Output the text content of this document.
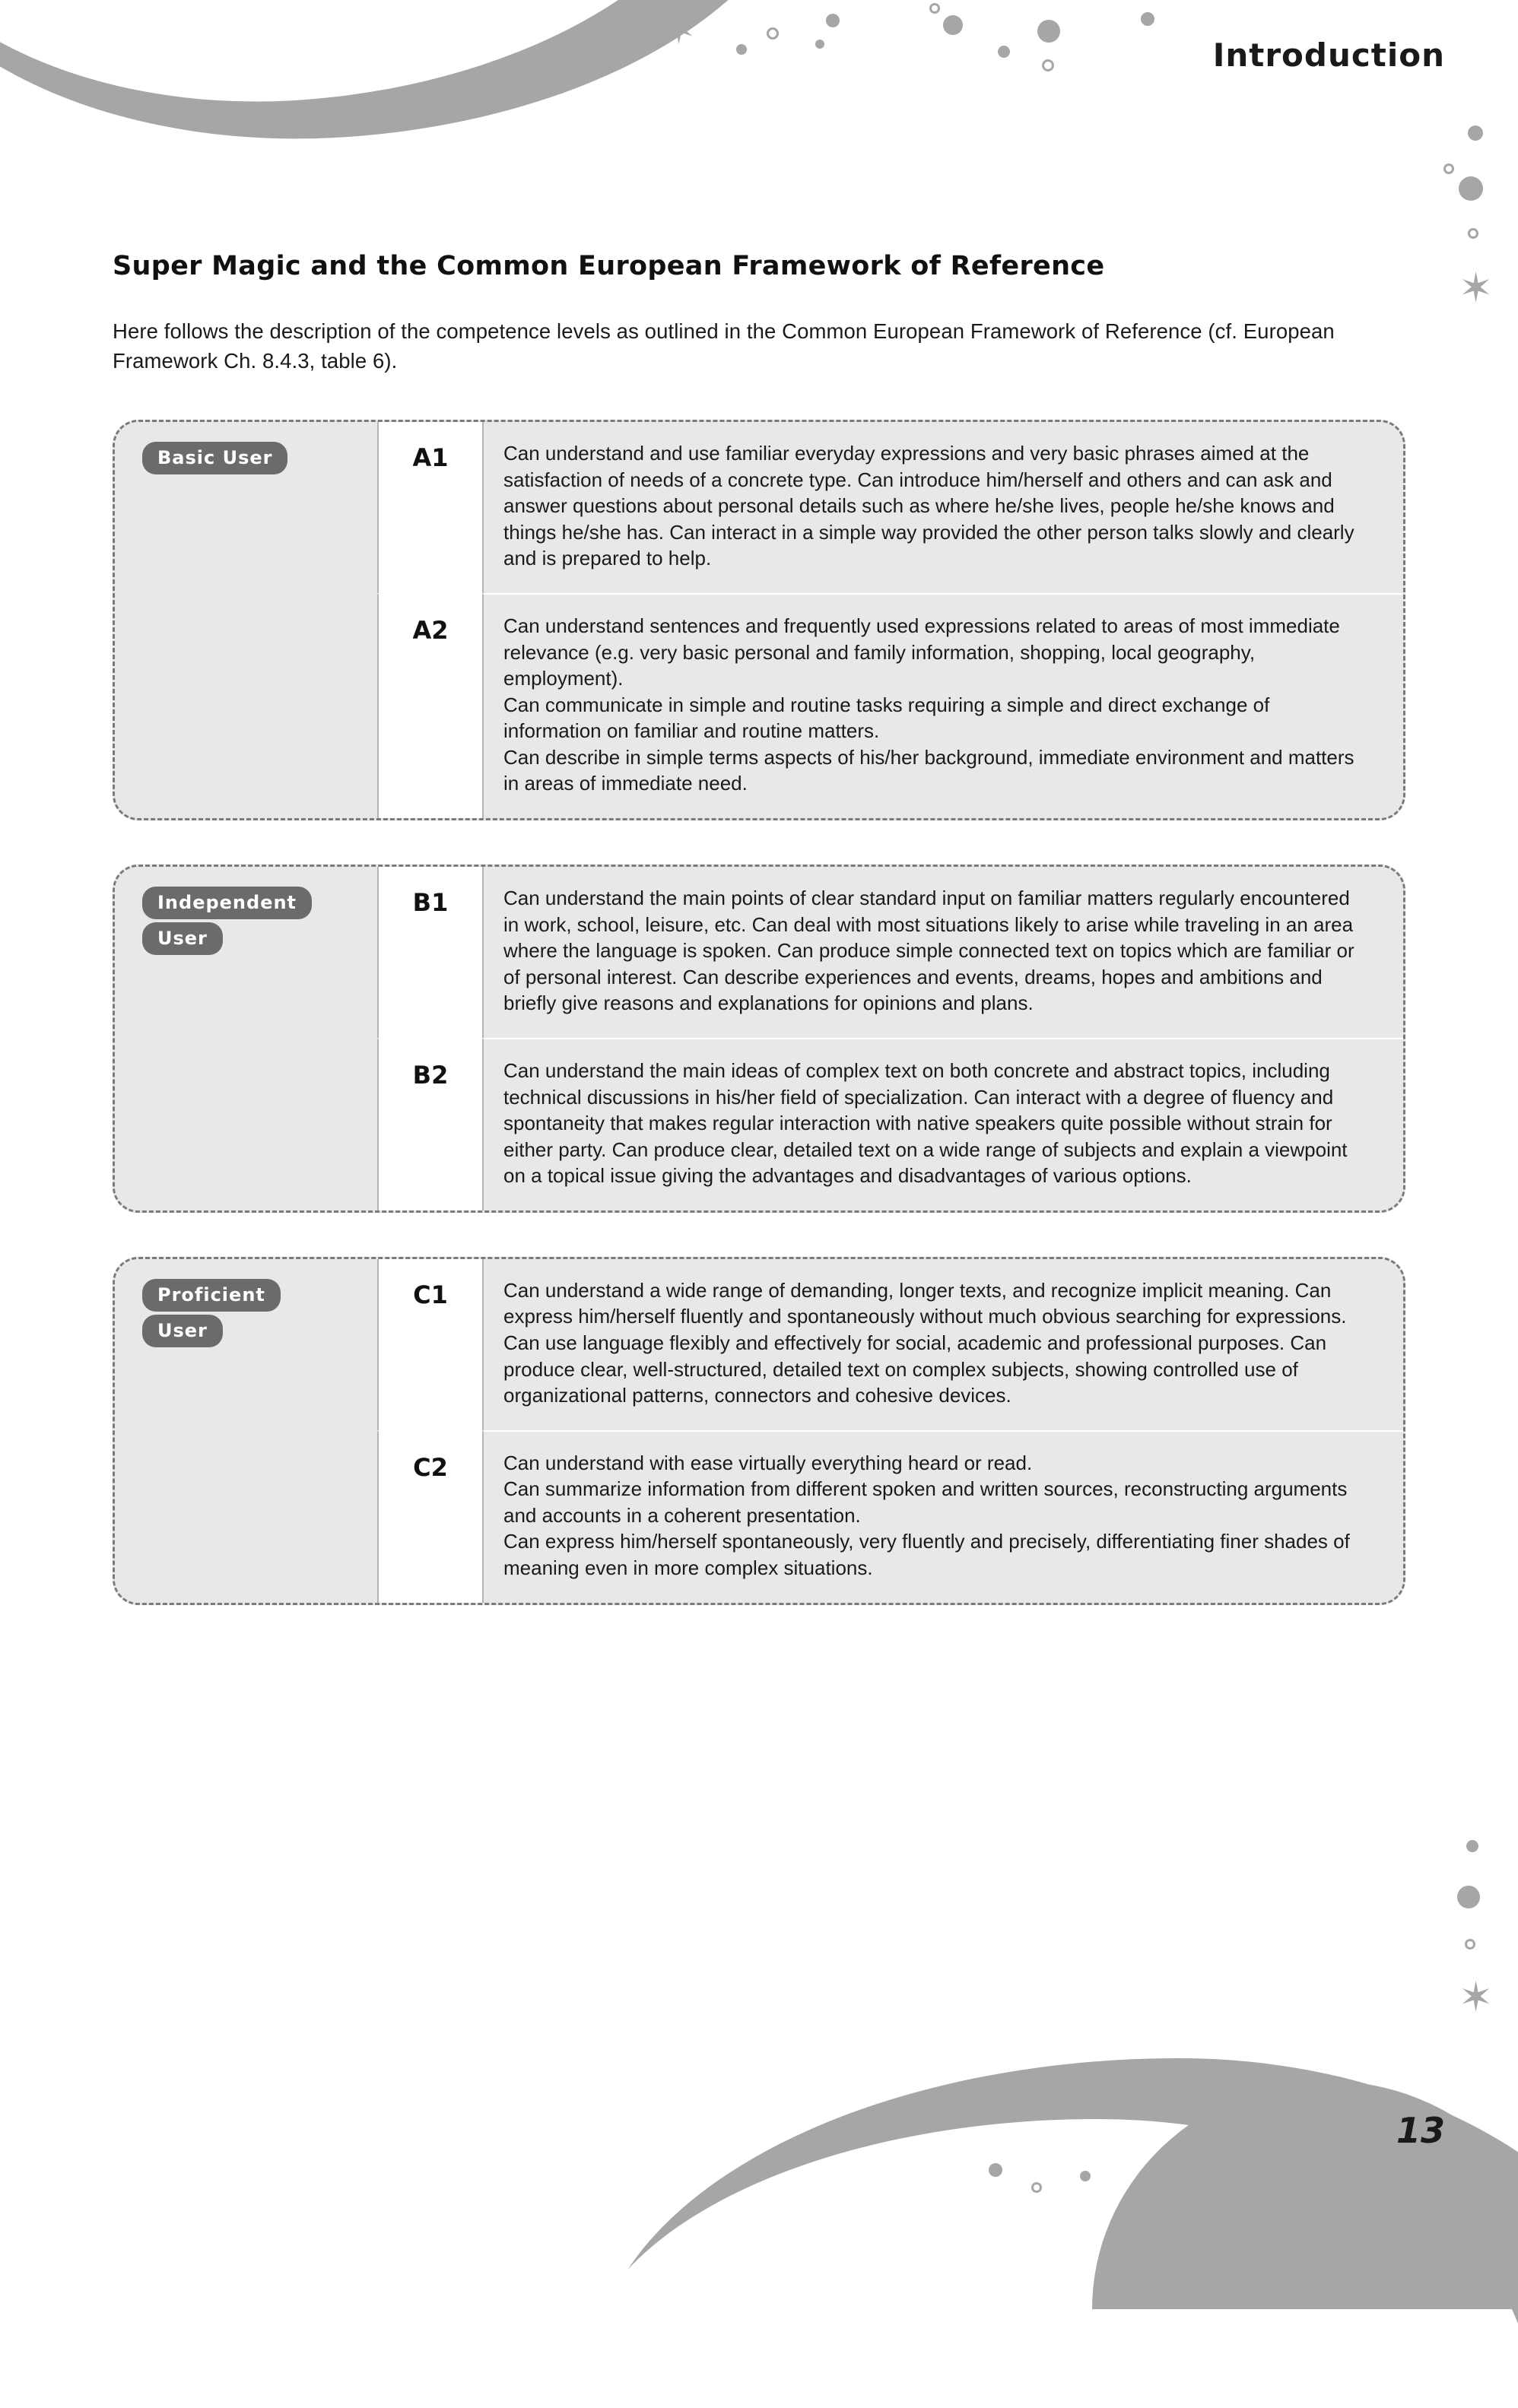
✶
✶
✶
Introduction
Super Magic and the Common European Framework of Reference

Here follows the description of the competence levels as outlined in the Common European Framework of Reference (cf. European Framework Ch. 8.4.3, table 6).

Basic User	A1	Can understand and use familiar everyday expressions and very basic phrases aimed at the satisfaction of needs of a concrete type. Can introduce him/herself and others and can ask and answer questions about personal details such as where he/she lives, people he/she knows and things he/she has. Can interact in a simple way provided the other person talks slowly and clearly and is prepared to help.
A2	Can understand sentences and frequently used expressions related to areas of most immediate relevance (e.g. very basic personal and family information, shopping, local geography, employment).
Can communicate in simple and routine tasks requiring a simple and direct exchange of information on familiar and routine matters.
Can describe in simple terms aspects of his/her background, immediate environment and matters in areas of immediate need.
Independent
User
B1	Can understand the main points of clear standard input on familiar matters regularly encountered in work, school, leisure, etc. Can deal with most situations likely to arise while traveling in an area where the language is spoken. Can produce simple connected text on topics which are familiar or of personal interest. Can describe experiences and events, dreams, hopes and ambitions and briefly give reasons and explanations for opinions and plans.
B2	Can understand the main ideas of complex text on both concrete and abstract topics, including technical discussions in his/her field of specialization. Can interact with a degree of fluency and spontaneity that makes regular interaction with native speakers quite possible without strain for either party. Can produce clear, detailed text on a wide range of subjects and explain a viewpoint on a topical issue giving the advantages and disadvantages of various options.
Proficient
User
C1	Can understand a wide range of demanding, longer texts, and recognize implicit meaning. Can express him/herself fluently and spontaneously without much obvious searching for expressions. Can use language flexibly and effectively for social, academic and professional purposes. Can produce clear, well-structured, detailed text on complex subjects, showing controlled use of organizational patterns, connectors and cohesive devices.
C2	Can understand with ease virtually everything heard or read.
Can summarize information from different spoken and written sources, reconstructing arguments and accounts in a coherent presentation.
Can express him/herself spontaneously, very fluently and precisely, differentiating finer shades of meaning even in more complex situations.
13
